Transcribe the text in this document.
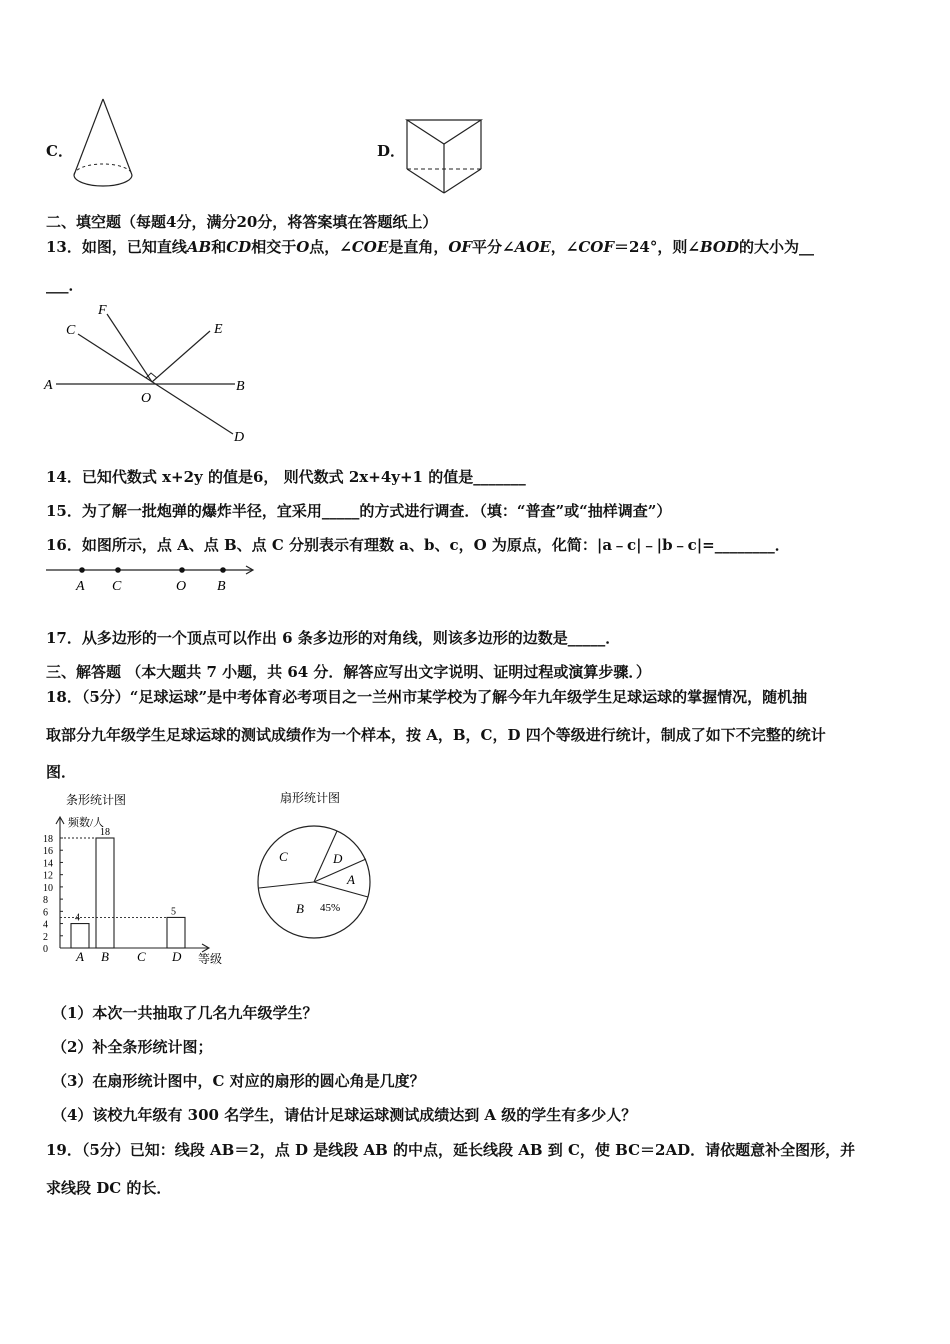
C．	D．
二、填空题（每题4分，满分20分，将答案填在答题纸上）
13．如图，已知直线AB和CD相交于O点，∠COE是直角，OF平分∠AOE，∠COF＝24°，则∠BOD的大小为__
___．
A	B
C
D
E
F
O
14．已知代数式 x+2y 的值是6， 则代数式 2x+4y+1 的值是_______
15．为了解一批炮弹的爆炸半径，宜采用_____的方式进行调查．（填：“普查”或“抽样调查”）
16．如图所示，点 A、点 B、点 C 分别表示有理数 a、b、c，O 为原点，化简：|a﹣c|﹣|b﹣c|=________．
A C	O B
17．从多边形的一个顶点可以作出 6 条多边形的对角线，则该多边形的边数是_____．
三、解答题 （本大题共 7 小题，共 64 分．解答应写出文字说明、证明过程或演算步骤．）
18．（5分）“足球运球”是中考体育必考项目之一兰州市某学校为了解今年九年级学生足球运球的掌握情况，随机抽
取部分九年级学生足球运球的测试成绩作为一个样本，按 A，B，C，D 四个等级进行统计，制成了如下不完整的统计
图．
条形统计图
频数/人
等级
0
2
4
6
8
10
12
14
16
18
A
4
B
18
C D
5
扇形统计图
C	D
A
B 45%
（1）本次一共抽取了几名九年级学生？
（2）补全条形统计图；
（3）在扇形统计图中，C 对应的扇形的圆心角是几度？
（4）该校九年级有 300 名学生，请估计足球运球测试成绩达到 A 级的学生有多少人？
19．（5分）已知：线段 AB＝2，点 D 是线段 AB 的中点，延长线段 AB 到 C，使 BC＝2AD．请依题意补全图形，并
求线段 DC 的长．
